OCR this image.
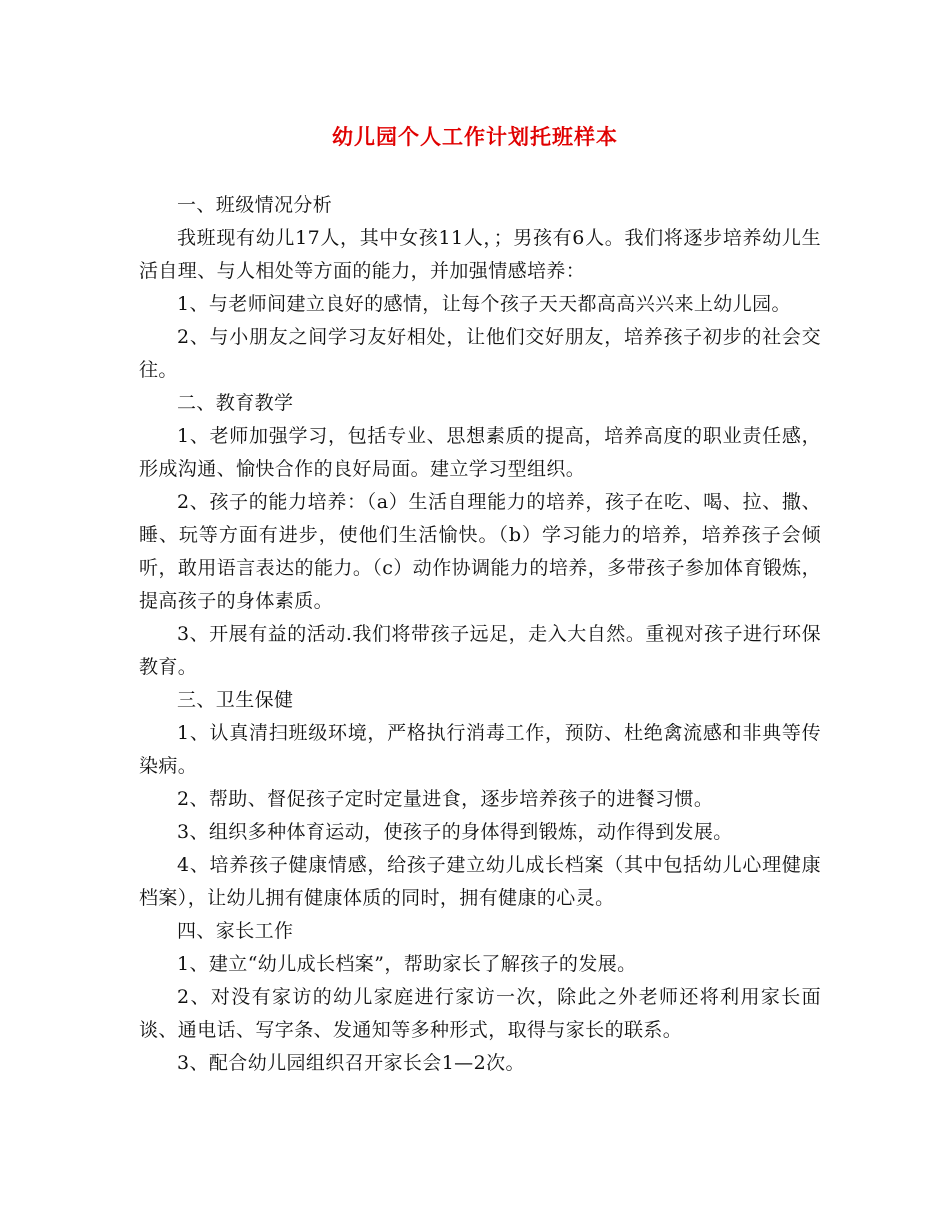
幼儿园个人工作计划托班样本

一、班级情况分析

我班现有幼儿17人，其中女孩11人，；男孩有6人。我们将逐步培养幼儿生活自理、与人相处等方面的能力，并加强情感培养：

1、与老师间建立良好的感情，让每个孩子天天都高高兴兴来上幼儿园。

2、与小朋友之间学习友好相处，让他们交好朋友，培养孩子初步的社会交往。

二、教育教学

1、老师加强学习，包括专业、思想素质的提高，培养高度的职业责任感，形成沟通、愉快合作的良好局面。建立学习型组织。

2、孩子的能力培养：（a）生活自理能力的培养，孩子在吃、喝、拉、撒、睡、玩等方面有进步，使他们生活愉快。（b）学习能力的培养，培养孩子会倾听，敢用语言表达的能力。（c）动作协调能力的培养，多带孩子参加体育锻炼，提高孩子的身体素质。

3、开展有益的活动.我们将带孩子远足，走入大自然。重视对孩子进行环保教育。

三、卫生保健

1、认真清扫班级环境，严格执行消毒工作，预防、杜绝禽流感和非典等传染病。

2、帮助、督促孩子定时定量进食，逐步培养孩子的进餐习惯。

3、组织多种体育运动，使孩子的身体得到锻炼，动作得到发展。

4、培养孩子健康情感，给孩子建立幼儿成长档案（其中包括幼儿心理健康档案），让幼儿拥有健康体质的同时，拥有健康的心灵。

四、家长工作

1、建立“幼儿成长档案”，帮助家长了解孩子的发展。

2、对没有家访的幼儿家庭进行家访一次，除此之外老师还将利用家长面谈、通电话、写字条、发通知等多种形式，取得与家长的联系。

3、配合幼儿园组织召开家长会1—2次。
